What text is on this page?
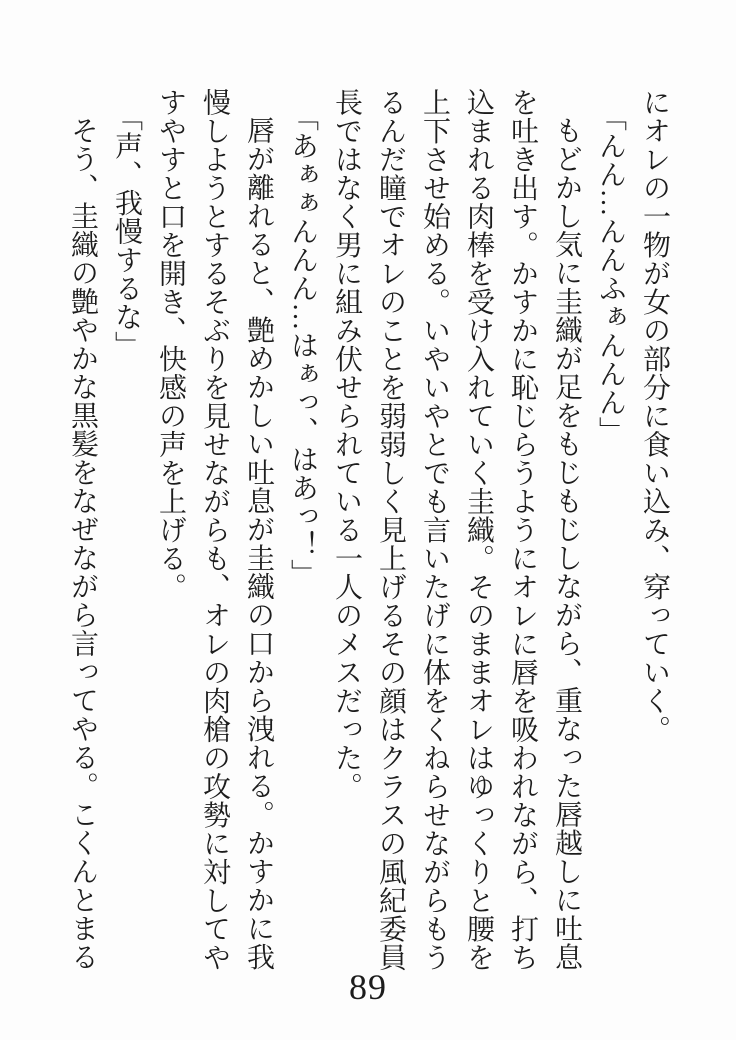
にオレの一物が女の部分に食い込み、穿っていく。

「んん…んんふぁんんん」

もどかし気に圭織が足をもじもじしながら、重なった唇越しに吐息

を吐き出す。かすかに恥じらうようにオレに唇を吸われながら、打ち

込まれる肉棒を受け入れていく圭織。そのままオレはゆっくりと腰を

上下させ始める。いやいやとでも言いたげに体をくねらせながらもう

るんだ瞳でオレのことを弱弱しく見上げるその顔はクラスの風紀委員

長ではなく男に組み伏せられている一人のメスだった。

「あぁぁんんん…はぁっ、はあっ！」

唇が離れると、艶めかしい吐息が圭織の口から洩れる。かすかに我

慢しようとするそぶりを見せながらも、オレの肉槍の攻勢に対してや

すやすと口を開き、快感の声を上げる。

「声、我慢するな」

そう、圭織の艶やかな黒髪をなぜながら言ってやる。こくんとまる

89
